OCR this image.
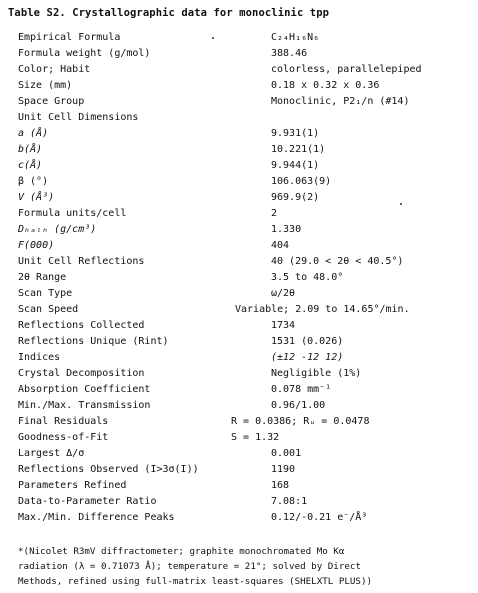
Table S2. Crystallographic data for monoclinic tpp
Empirical Formula	C₂₄H₁₆N₆
Formula weight (g/mol)	388.46
Color; Habit	colorless, parallelepiped
Size (mm)	0.18 x 0.32 x 0.36
Space Group	Monoclinic, P2₁/n (#14)
Unit Cell Dimensions
a (Å)	9.931(1)
b(Å)	10.221(1)
c(Å)	9.944(1)
β (°)	106.063(9)
V (Å³)	969.9(2)
Formula units/cell	2
Dₕₐₗₕ (g/cm³)	1.330
F(000)	404
Unit Cell Reflections	40 (29.0 < 2θ < 40.5°)
2θ Range	3.5 to 48.0°
Scan Type	ω/2θ
Scan Speed	Variable; 2.09 to 14.65°/min.
Reflections Collected	1734
Reflections Unique (Rint)	1531 (0.026)
Indices	(±12 -12 12)
Crystal Decomposition	Negligible (1%)
Absorption Coefficient	0.078 mm⁻¹
Min./Max. Transmission	0.96/1.00
Final Residuals	R = 0.0386; Rᵤ = 0.0478
Goodness-of-Fit	S = 1.32
Largest Δ/σ	0.001
Reflections Observed (I>3σ(I))	1190
Parameters Refined	168
Data-to-Parameter Ratio	7.08:1
Max./Min. Difference Peaks	0.12/-0.21 e⁻/Å³
*(Nicolet R3mV diffractometer; graphite monochromated Mo Kα
radiation (λ = 0.71073 Å); temperature = 21°; solved by Direct
Methods, refined using full-matrix least-squares (SHELXTL PLUS))
